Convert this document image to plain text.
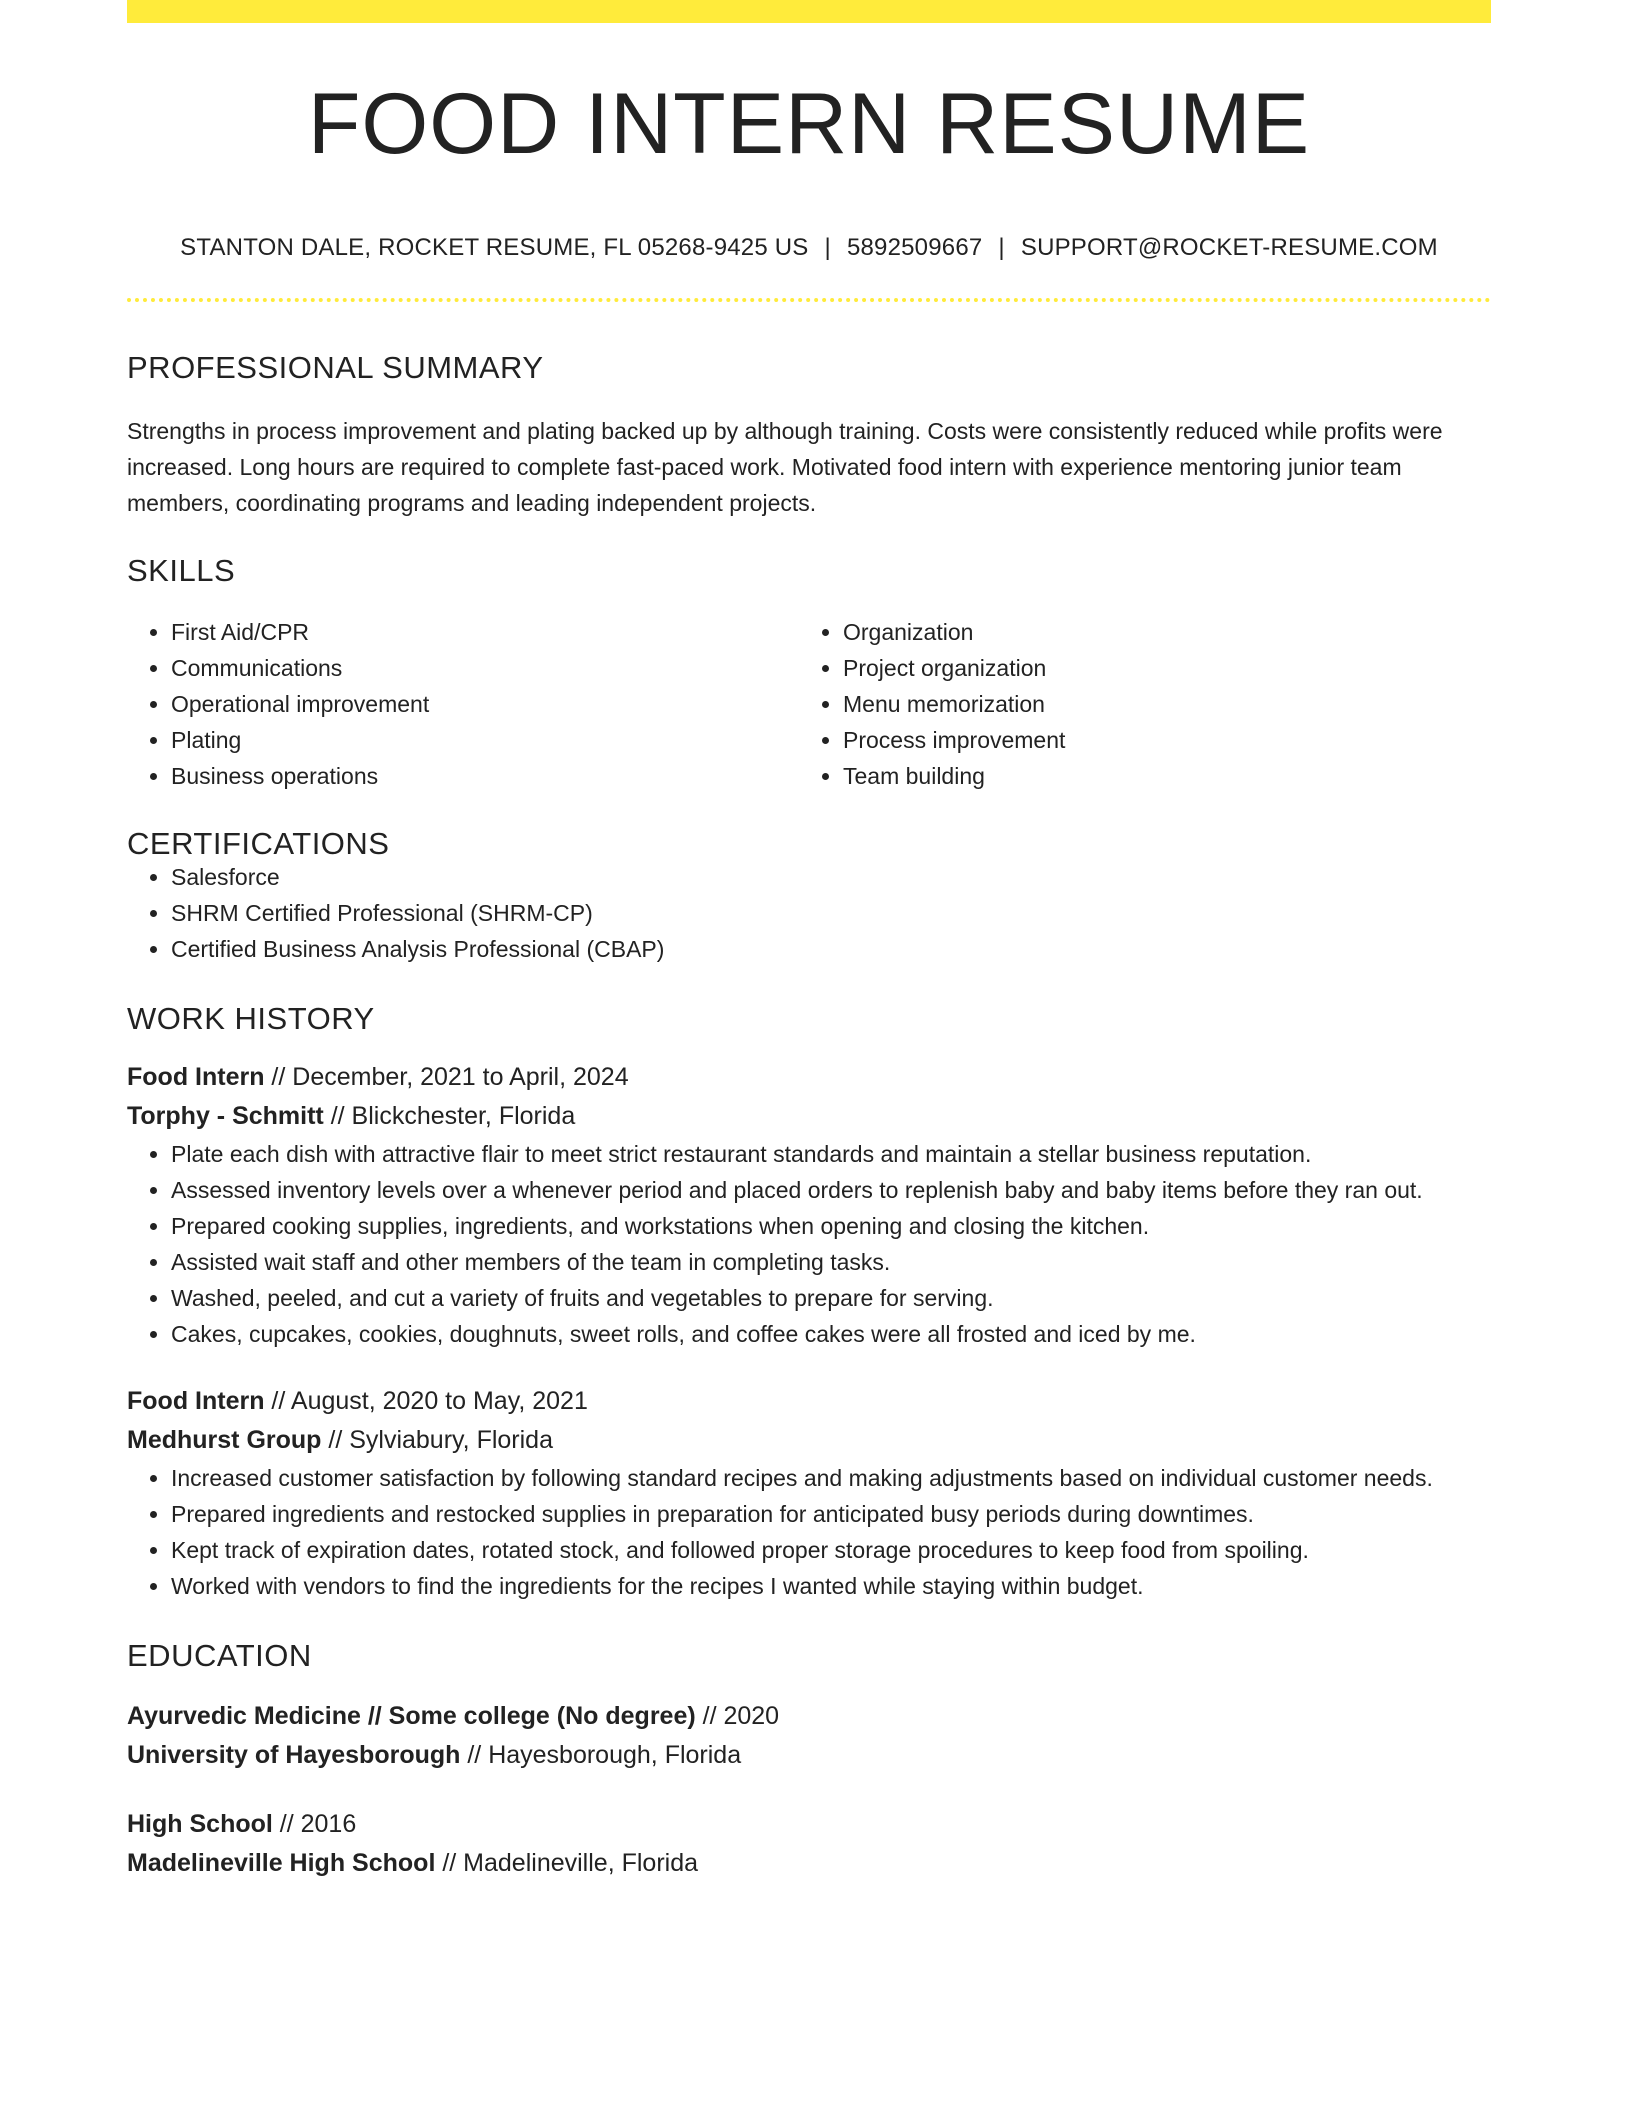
FOOD INTERN RESUME
STANTON DALE, ROCKET RESUME, FL 05268-9425 US | 5892509667 | SUPPORT@ROCKET-RESUME.COM
PROFESSIONAL SUMMARY
Strengths in process improvement and plating backed up by although training. Costs were consistently reduced while profits were increased. Long hours are required to complete fast-paced work. Motivated food intern with experience mentoring junior team members, coordinating programs and leading independent projects.
SKILLS
• First Aid/CPR
• Communications
• Operational improvement
• Plating
• Business operations
• Organization
• Project organization
• Menu memorization
• Process improvement
• Team building
CERTIFICATIONS
• Salesforce
• SHRM Certified Professional (SHRM-CP)
• Certified Business Analysis Professional (CBAP)
WORK HISTORY
Food Intern // December, 2021 to April, 2024
Torphy - Schmitt // Blickchester, Florida
• Plate each dish with attractive flair to meet strict restaurant standards and maintain a stellar business reputation.
• Assessed inventory levels over a whenever period and placed orders to replenish baby and baby items before they ran out.
• Prepared cooking supplies, ingredients, and workstations when opening and closing the kitchen.
• Assisted wait staff and other members of the team in completing tasks.
• Washed, peeled, and cut a variety of fruits and vegetables to prepare for serving.
• Cakes, cupcakes, cookies, doughnuts, sweet rolls, and coffee cakes were all frosted and iced by me.
Food Intern // August, 2020 to May, 2021
Medhurst Group // Sylviabury, Florida
• Increased customer satisfaction by following standard recipes and making adjustments based on individual customer needs.
• Prepared ingredients and restocked supplies in preparation for anticipated busy periods during downtimes.
• Kept track of expiration dates, rotated stock, and followed proper storage procedures to keep food from spoiling.
• Worked with vendors to find the ingredients for the recipes I wanted while staying within budget.
EDUCATION
Ayurvedic Medicine // Some college (No degree) // 2020
University of Hayesborough // Hayesborough, Florida
High School // 2016
Madelineville High School // Madelineville, Florida
